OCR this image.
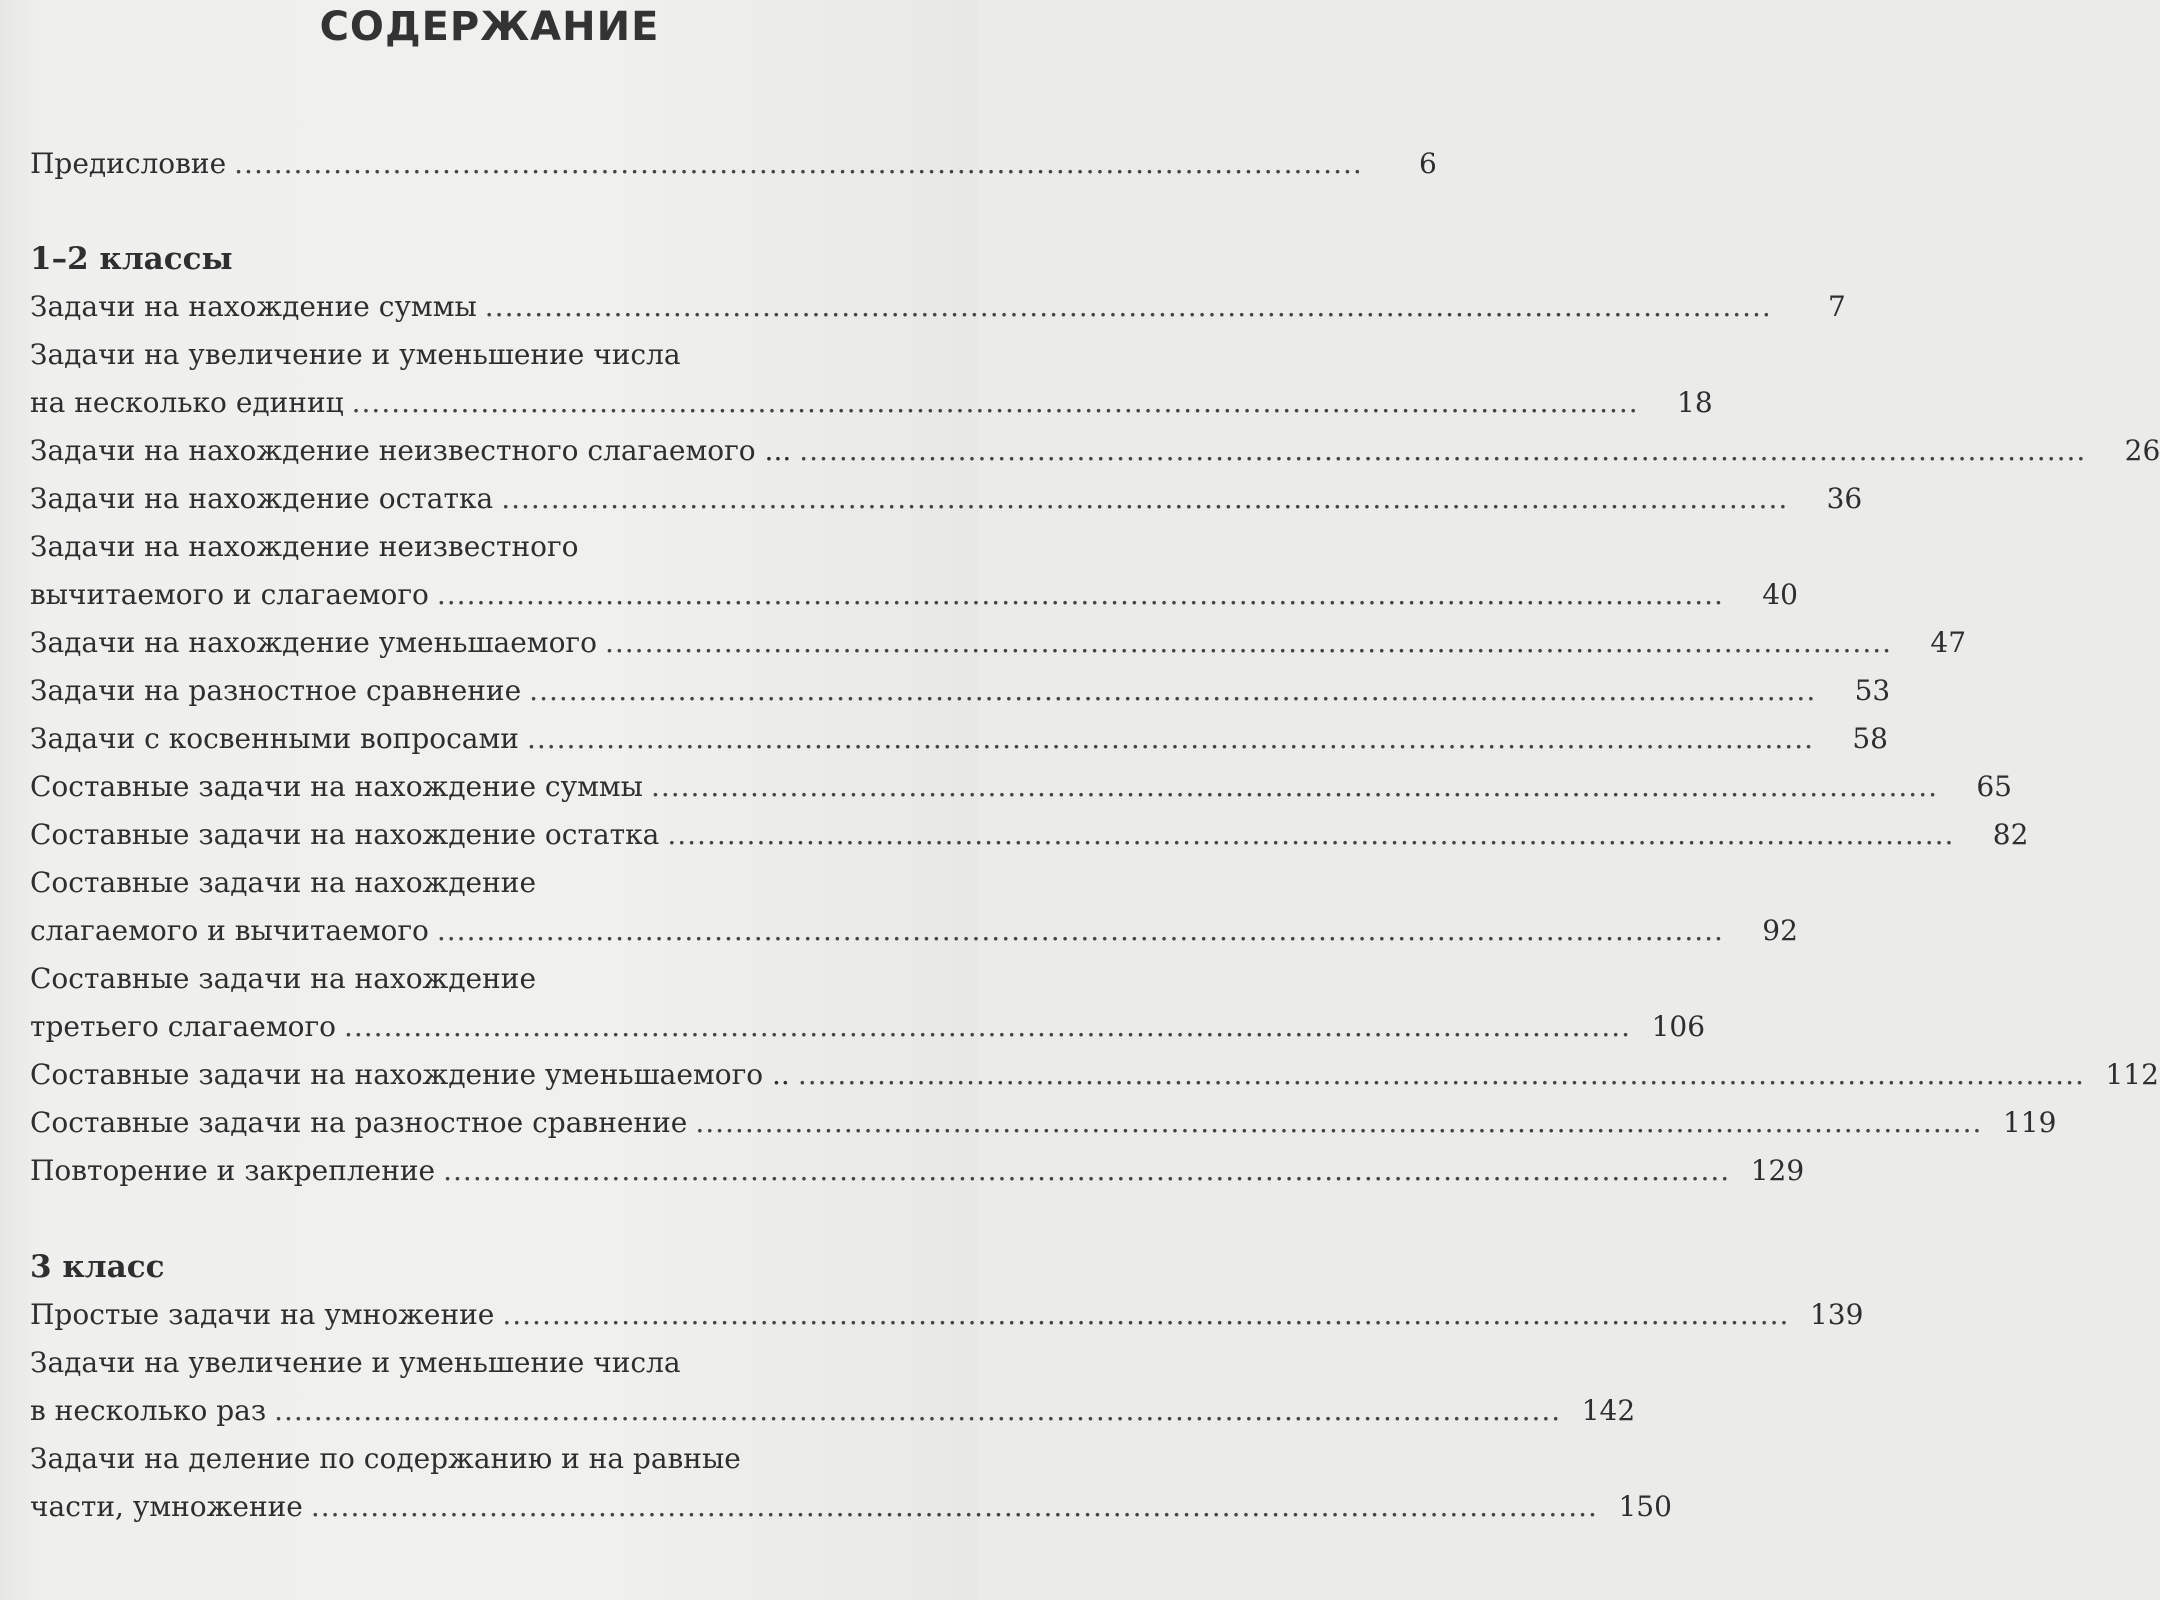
СОДЕРЖАНИЕ
Предисловие ..................................................................................................................	6
1–2 классы
Задачи на нахождение суммы ..................................................................................................................................	7
Задачи на увеличение и уменьшение числа
на несколько единиц ..................................................................................................................................	18
Задачи на нахождение неизвестного слагаемого ... ..................................................................................................................................	26
Задачи на нахождение остатка ..................................................................................................................................	36
Задачи на нахождение неизвестного
вычитаемого и слагаемого ..................................................................................................................................	40
Задачи на нахождение уменьшаемого ..................................................................................................................................	47
Задачи на разностное сравнение ..................................................................................................................................	53
Задачи с косвенными вопросами ..................................................................................................................................	58
Составные задачи на нахождение суммы ..................................................................................................................................	65
Составные задачи на нахождение остатка ..................................................................................................................................	82
Составные задачи на нахождение
слагаемого и вычитаемого ..................................................................................................................................	92
Составные задачи на нахождение
третьего слагаемого .................................................................................................................................. 106
Составные задачи на нахождение уменьшаемого .. .................................................................................................................................. 112
Составные задачи на разностное сравнение .................................................................................................................................. 119
Повторение и закрепление .................................................................................................................................. 129
3 класс
Простые задачи на умножение .................................................................................................................................. 139
Задачи на увеличение и уменьшение числа
в несколько раз .................................................................................................................................. 142
Задачи на деление по содержанию и на равные
части, умножение .................................................................................................................................. 150
